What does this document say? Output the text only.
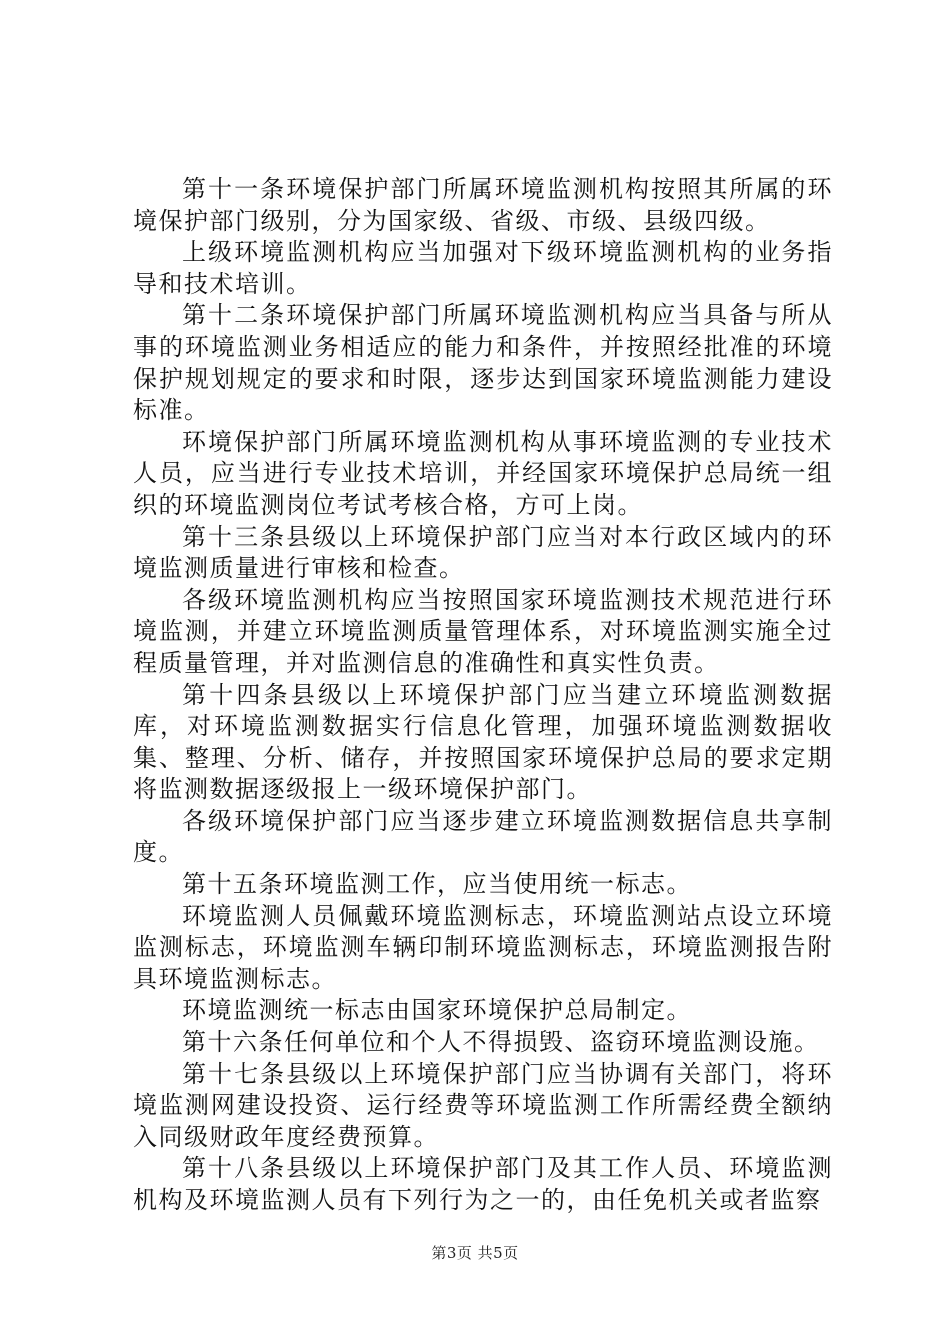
第十一条环境保护部门所属环境监测机构按照其所属的环境保护部门级别，分为国家级、省级、市级、县级四级。

上级环境监测机构应当加强对下级环境监测机构的业务指导和技术培训。

第十二条环境保护部门所属环境监测机构应当具备与所从事的环境监测业务相适应的能力和条件，并按照经批准的环境保护规划规定的要求和时限，逐步达到国家环境监测能力建设标准。

环境保护部门所属环境监测机构从事环境监测的专业技术人员，应当进行专业技术培训，并经国家环境保护总局统一组织的环境监测岗位考试考核合格，方可上岗。

第十三条县级以上环境保护部门应当对本行政区域内的环境监测质量进行审核和检查。

各级环境监测机构应当按照国家环境监测技术规范进行环境监测，并建立环境监测质量管理体系，对环境监测实施全过程质量管理，并对监测信息的准确性和真实性负责。

第十四条县级以上环境保护部门应当建立环境监测数据库，对环境监测数据实行信息化管理，加强环境监测数据收集、整理、分析、储存，并按照国家环境保护总局的要求定期将监测数据逐级报上一级环境保护部门。

各级环境保护部门应当逐步建立环境监测数据信息共享制度。

第十五条环境监测工作，应当使用统一标志。

环境监测人员佩戴环境监测标志，环境监测站点设立环境监测标志，环境监测车辆印制环境监测标志，环境监测报告附具环境监测标志。

环境监测统一标志由国家环境保护总局制定。

第十六条任何单位和个人不得损毁、盗窃环境监测设施。

第十七条县级以上环境保护部门应当协调有关部门，将环境监测网建设投资、运行经费等环境监测工作所需经费全额纳入同级财政年度经费预算。

第十八条县级以上环境保护部门及其工作人员、环境监测机构及环境监测人员有下列行为之一的，由任免机关或者监察

第3页 共5页
